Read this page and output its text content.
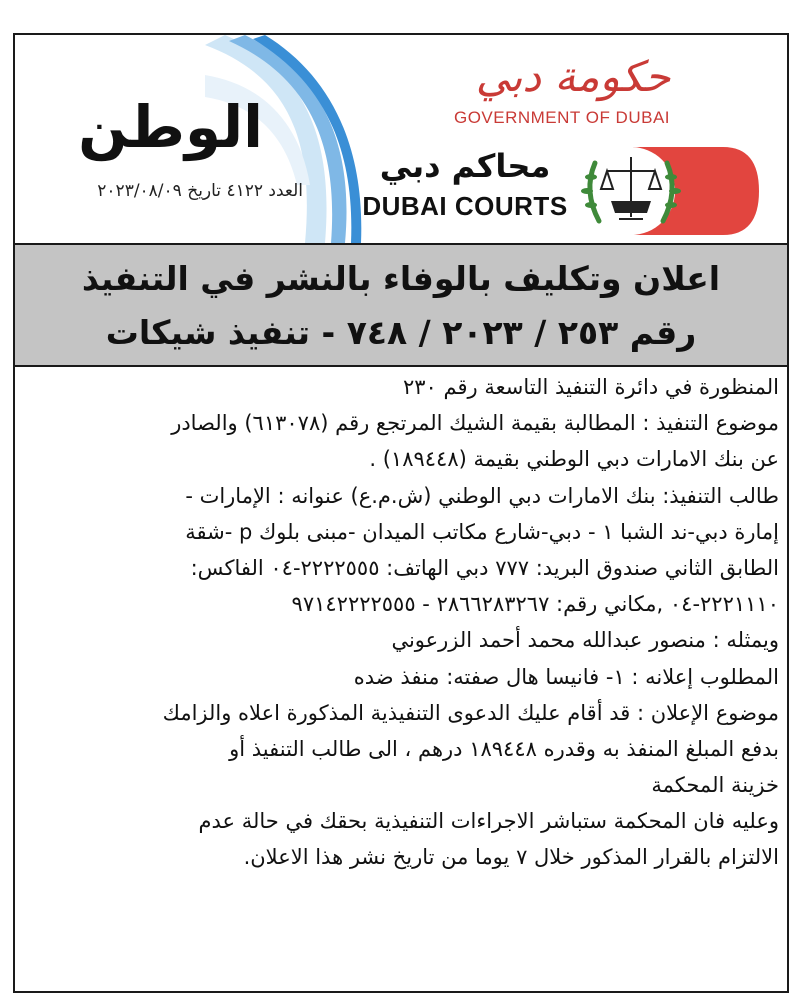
الوطن
العدد ٤١٢٢ تاريخ ٢٠٢٣/٠٨/٠٩
حكومة دبي
GOVERNMENT OF DUBAI
محاكم دبي
DUBAI COURTS
اعلان وتكليف بالوفاء بالنشر في التنفيذ
رقم ٢٥٣ / ٢٠٢٣ / ٧٤٨ - تنفيذ شيكات
المنظورة في دائرة التنفيذ التاسعة رقم ٢٣٠
موضوع التنفيذ : المطالبة بقيمة الشيك المرتجع رقم (٦١٣٠٧٨) والصادر
عن بنك الامارات دبي الوطني بقيمة (١٨٩٤٤٨) .
طالب التنفيذ: بنك الامارات دبي الوطني (ش.م.ع) عنوانه : الإمارات -
إمارة دبي-ند الشبا ١ - دبي-شارع مكاتب الميدان -مبنى بلوك p -شقة
الطابق الثاني صندوق البريد: ٧٧٧ دبي الهاتف: ٢٢٢٢٥٥٥-٠٤ الفاكس:
٢٢٢١١١٠-٠٤ ,مكاني رقم: ٢٨٦٦٢٨٣٢٦٧ - ٩٧١٤٢٢٢٢٥٥٥
ويمثله : منصور عبدالله محمد أحمد الزرعوني
المطلوب إعلانه : ١- فانيسا هال صفته: منفذ ضده
موضوع الإعلان : قد أقام عليك الدعوى التنفيذية المذكورة اعلاه والزامك
بدفع المبلغ المنفذ به وقدره ١٨٩٤٤٨ درهم ، الى طالب التنفيذ أو
خزينة المحكمة
وعليه فان المحكمة ستباشر الاجراءات التنفيذية بحقك في حالة عدم
الالتزام بالقرار المذكور خلال ٧ يوما من تاريخ نشر هذا الاعلان.
